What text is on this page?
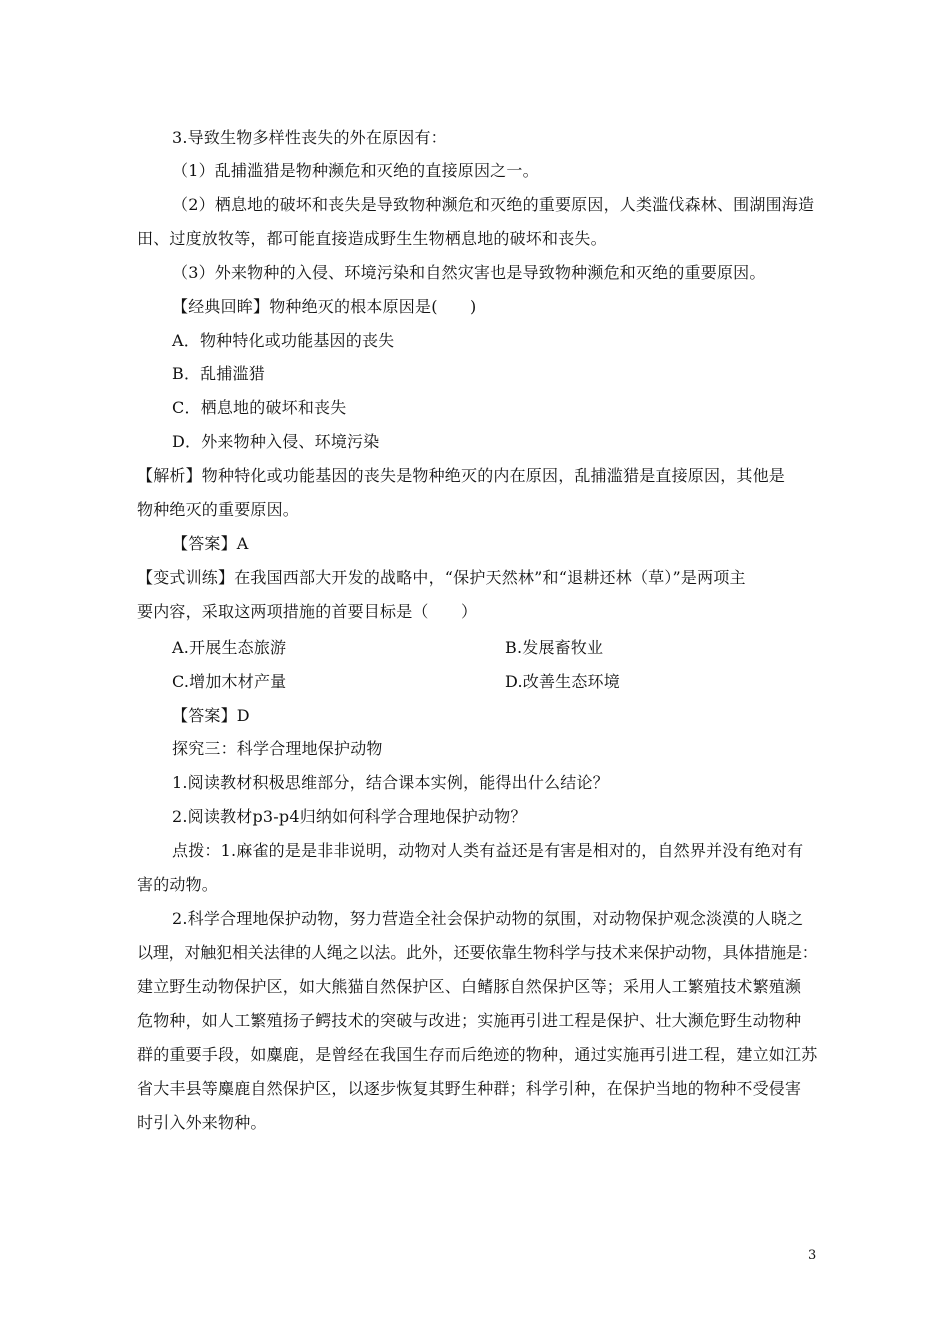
3.导致生物多样性丧失的外在原因有：
（1）乱捕滥猎是物种濒危和灭绝的直接原因之一。
（2）栖息地的破坏和丧失是导致物种濒危和灭绝的重要原因，人类滥伐森林、围湖围海造
田、过度放牧等，都可能直接造成野生生物栖息地的破坏和丧失。
（3）外来物种的入侵、环境污染和自然灾害也是导致物种濒危和灭绝的重要原因。
【经典回眸】物种绝灭的根本原因是(　　)
A．物种特化或功能基因的丧失
B．乱捕滥猎
C．栖息地的破坏和丧失
D．外来物种入侵、环境污染
【解析】物种特化或功能基因的丧失是物种绝灭的内在原因，乱捕滥猎是直接原因，其他是
物种绝灭的重要原因。
【答案】A
【变式训练】在我国西部大开发的战略中，“保护天然林”和“退耕还林（草）”是两项主
要内容，采取这两项措施的首要目标是（　　）
A.开展生态旅游	B.发展畜牧业
C.增加木材产量	D.改善生态环境
【答案】D
探究三：科学合理地保护动物
1.阅读教材积极思维部分，结合课本实例，能得出什么结论？
2.阅读教材p3-p4归纳如何科学合理地保护动物？
点拨：1.麻雀的是是非非说明，动物对人类有益还是有害是相对的，自然界并没有绝对有
害的动物。
2.科学合理地保护动物，努力营造全社会保护动物的氛围，对动物保护观念淡漠的人晓之
以理，对触犯相关法律的人绳之以法。此外，还要依靠生物科学与技术来保护动物，具体措施是：
建立野生动物保护区，如大熊猫自然保护区、白鳍豚自然保护区等；采用人工繁殖技术繁殖濒
危物种，如人工繁殖扬子鳄技术的突破与改进；实施再引进工程是保护、壮大濒危野生动物种
群的重要手段，如麋鹿，是曾经在我国生存而后绝迹的物种，通过实施再引进工程，建立如江苏
省大丰县等麋鹿自然保护区，以逐步恢复其野生种群；科学引种，在保护当地的物种不受侵害
时引入外来物种。
3
